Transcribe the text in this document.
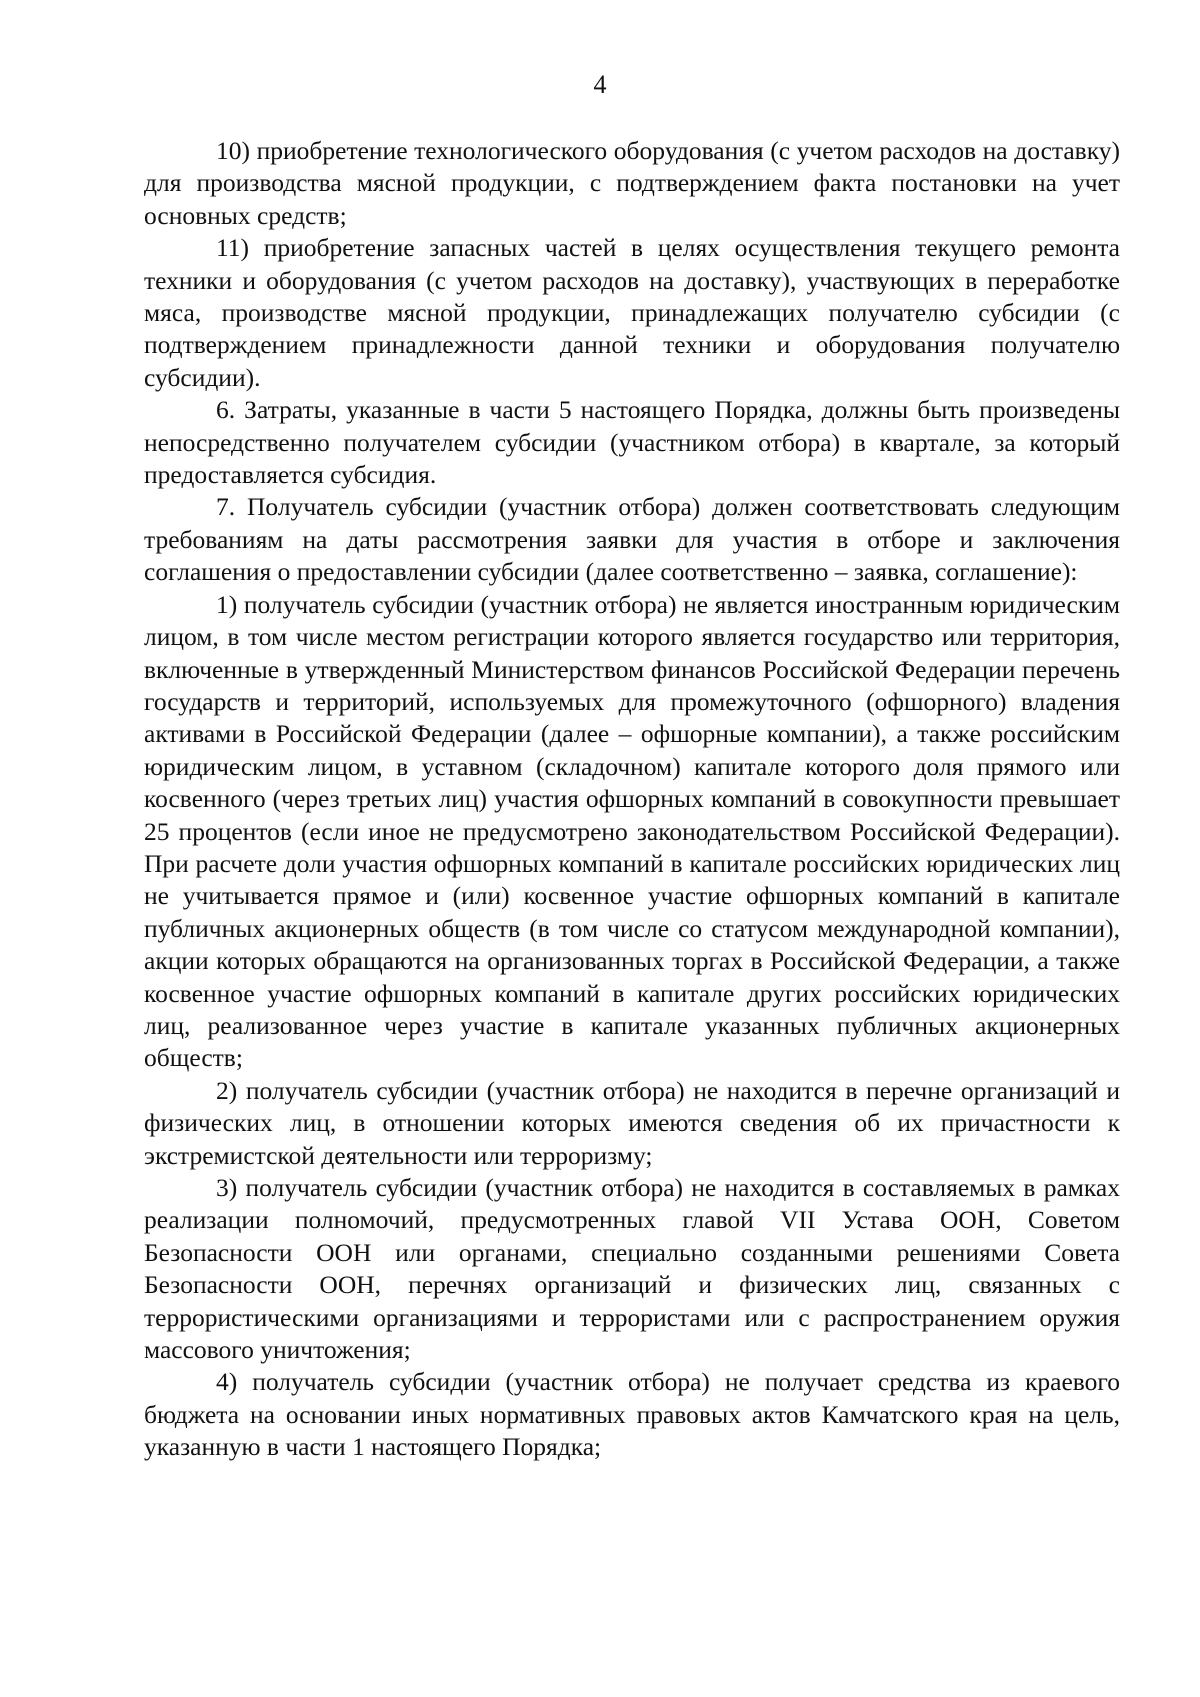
4

10) приобретение технологического оборудования (с учетом расходов на доставку) для производства мясной продукции, с подтверждением факта постановки на учет основных средств;

11) приобретение запасных частей в целях осуществления текущего ремонта техники и оборудования (с учетом расходов на доставку), участвующих в переработке мяса, производстве мясной продукции, принадлежащих получателю субсидии (с подтверждением принадлежности данной техники и оборудования получателю субсидии).

6. Затраты, указанные в части 5 настоящего Порядка, должны быть произведены непосредственно получателем субсидии (участником отбора) в квартале, за который предоставляется субсидия.

7. Получатель субсидии (участник отбора) должен соответствовать следующим требованиям на даты рассмотрения заявки для участия в отборе и заключения соглашения о предоставлении субсидии (далее соответственно – заявка, соглашение):

1) получатель субсидии (участник отбора) не является иностранным юридическим лицом, в том числе местом регистрации которого является государство или территория, включенные в утвержденный Министерством финансов Российской Федерации перечень государств и территорий, используемых для промежуточного (офшорного) владения активами в Российской Федерации (далее – офшорные компании), а также российским юридическим лицом, в уставном (складочном) капитале которого доля прямого или косвенного (через третьих лиц) участия офшорных компаний в совокупности превышает 25 процентов (если иное не предусмотрено законодательством Российской Федерации). При расчете доли участия офшорных компаний в капитале российских юридических лиц не учитывается прямое и (или) косвенное участие офшорных компаний в капитале публичных акционерных обществ (в том числе со статусом международной компании), акции которых обращаются на организованных торгах в Российской Федерации, а также косвенное участие офшорных компаний в капитале других российских юридических лиц, реализованное через участие в капитале указанных публичных акционерных обществ;

2) получатель субсидии (участник отбора) не находится в перечне организаций и физических лиц, в отношении которых имеются сведения об их причастности к экстремистской деятельности или терроризму;

3) получатель субсидии (участник отбора) не находится в составляемых в рамках реализации полномочий, предусмотренных главой VII Устава ООН, Советом Безопасности ООН или органами, специально созданными решениями Совета Безопасности ООН, перечнях организаций и физических лиц, связанных с террористическими организациями и террористами или с распространением оружия массового уничтожения;

4) получатель субсидии (участник отбора) не получает средства из краевого бюджета на основании иных нормативных правовых актов Камчатского края на цель, указанную в части 1 настоящего Порядка;
